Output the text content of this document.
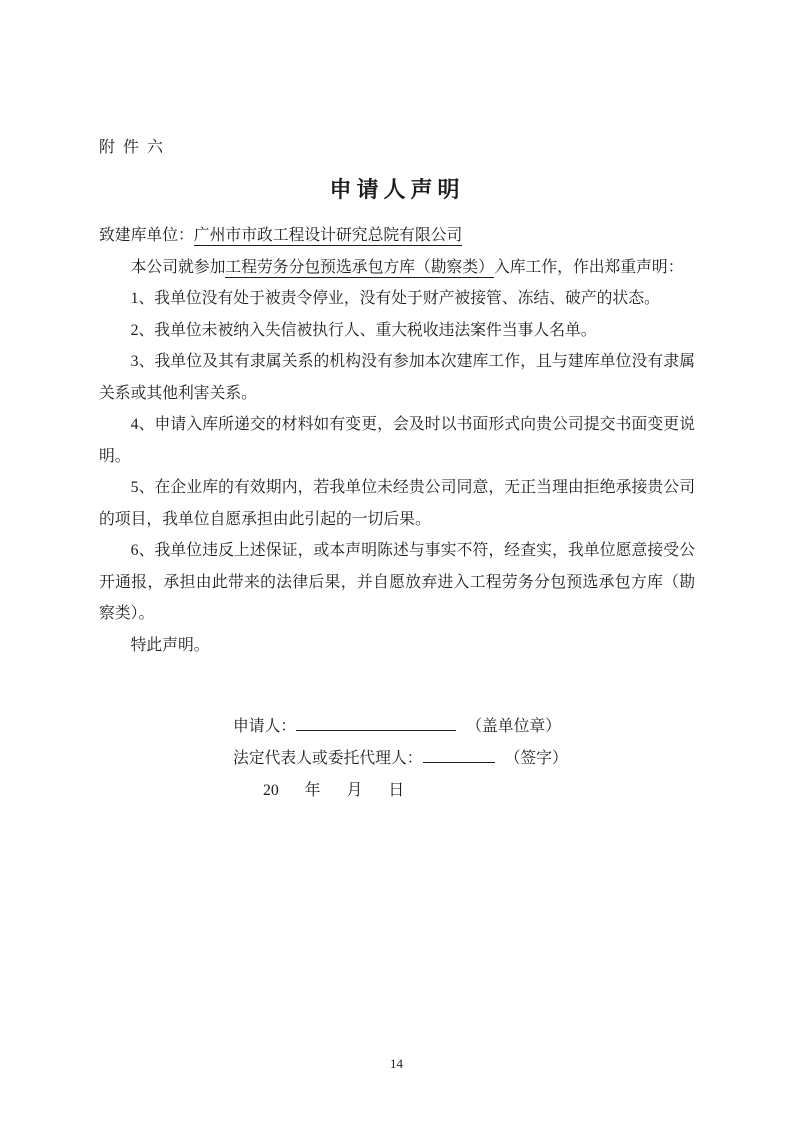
附 件 六
申请人声明

致建库单位：广州市市政工程设计研究总院有限公司

本公司就参加工程劳务分包预选承包方库（勘察类）入库工作，作出郑重声明：

1、我单位没有处于被责令停业，没有处于财产被接管、冻结、破产的状态。

2、我单位未被纳入失信被执行人、重大税收违法案件当事人名单。

3、我单位及其有隶属关系的机构没有参加本次建库工作，且与建库单位没有隶属关系或其他利害关系。

4、申请入库所递交的材料如有变更，会及时以书面形式向贵公司提交书面变更说明。

5、在企业库的有效期内，若我单位未经贵公司同意，无正当理由拒绝承接贵公司的项目，我单位自愿承担由此引起的一切后果。

6、我单位违反上述保证，或本声明陈述与事实不符，经查实，我单位愿意接受公开通报，承担由此带来的法律后果，并自愿放弃进入工程劳务分包预选承包方库（勘察类）。

特此声明。

申请人：	（盖单位章）
法定代表人或委托代理人：	（签字）
20 年 月 日
14
